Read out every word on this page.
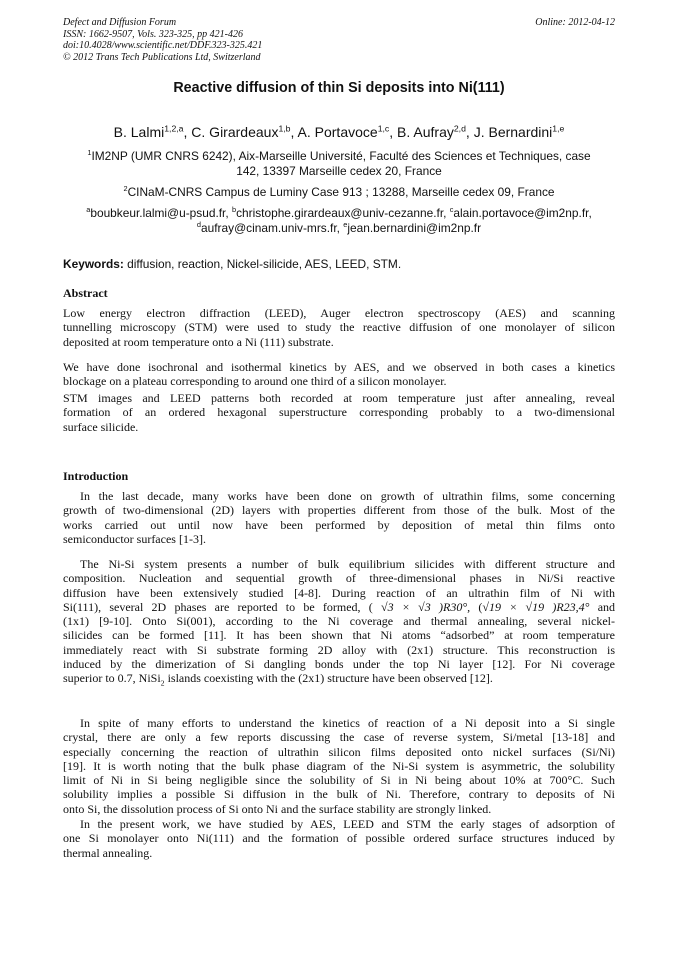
Defect and Diffusion Forum
ISSN: 1662-9507, Vols. 323-325, pp 421-426
doi:10.4028/www.scientific.net/DDF.323-325.421
© 2012 Trans Tech Publications Ltd, Switzerland
Online: 2012-04-12
Reactive diffusion of thin Si deposits into Ni(111)
B. Lalmi$^{1,2,a}$, C. Girardeaux$^{1,b}$, A. Portavoce$^{1,c}$, B. Aufray$^{2,d}$, J. Bernardini$^{1,e}$
$^1$IM2NP (UMR CNRS 6242), Aix-Marseille Université, Faculté des Sciences et Techniques, case
142, 13397 Marseille cedex 20, France
$^2$CINaM-CNRS Campus de Luminy Case 913 ; 13288, Marseille cedex 09, France
$^a$boubkeur.lalmi@u-psud.fr, $^b$christophe.girardeaux@univ-cezanne.fr, $^c$alain.portavoce@im2np.fr,
$^d$aufray@cinam.univ-mrs.fr, $^e$jean.bernardini@im2np.fr
Keywords: diffusion, reaction, Nickel-silicide, AES, LEED, STM.
Abstract
Low energy electron diffraction (LEED), Auger electron spectroscopy (AES) and scanning
tunnelling microscopy (STM) were used to study the reactive diffusion of one monolayer of silicon
deposited at room temperature onto a Ni (111) substrate.
We have done isochronal and isothermal kinetics by AES, and we observed in both cases a kinetics
blockage on a plateau corresponding to around one third of a silicon monolayer.
STM images and LEED patterns both recorded at room temperature just after annealing, reveal
formation of an ordered hexagonal superstructure corresponding probably to a two-dimensional
surface silicide.
Introduction
In the last decade, many works have been done on growth of ultrathin films, some concerning
growth of two-dimensional (2D) layers with properties different from those of the bulk. Most of the
works carried out until now have been performed by deposition of metal thin films onto
semiconductor surfaces [1-3].
The Ni-Si system presents a number of bulk equilibrium silicides with different structure and
composition. Nucleation and sequential growth of three-dimensional phases in Ni/Si reactive
diffusion have been extensively studied [4-8]. During reaction of an ultrathin film of Ni with
Si(111), several 2D phases are reported to be formed, ( √3 × √3 )R30°, (√19 × √19 )R23,4° and
(1x1) [9-10]. Onto Si(001), according to the Ni coverage and thermal annealing, several nickel-
silicides can be formed [11]. It has been shown that Ni atoms “adsorbed” at room temperature
immediately react with Si substrate forming 2D alloy with (2x1) structure. This reconstruction is
induced by the dimerization of Si dangling bonds under the top Ni layer [12]. For Ni coverage
superior to 0.7, NiSi$_2$ islands coexisting with the (2x1) structure have been observed [12].
In spite of many efforts to understand the kinetics of reaction of a Ni deposit into a Si single
crystal, there are only a few reports discussing the case of reverse system, Si/metal [13-18] and
especially concerning the reaction of ultrathin silicon films deposited onto nickel surfaces (Si/Ni)
[19]. It is worth noting that the bulk phase diagram of the Ni-Si system is asymmetric, the solubility
limit of Ni in Si being negligible since the solubility of Si in Ni being about 10% at 700°C. Such
solubility implies a possible Si diffusion in the bulk of Ni. Therefore, contrary to deposits of Ni
onto Si, the dissolution process of Si onto Ni and the surface stability are strongly linked.
In the present work, we have studied by AES, LEED and STM the early stages of adsorption of
one Si monolayer onto Ni(111) and the formation of possible ordered surface structures induced by
thermal annealing.
